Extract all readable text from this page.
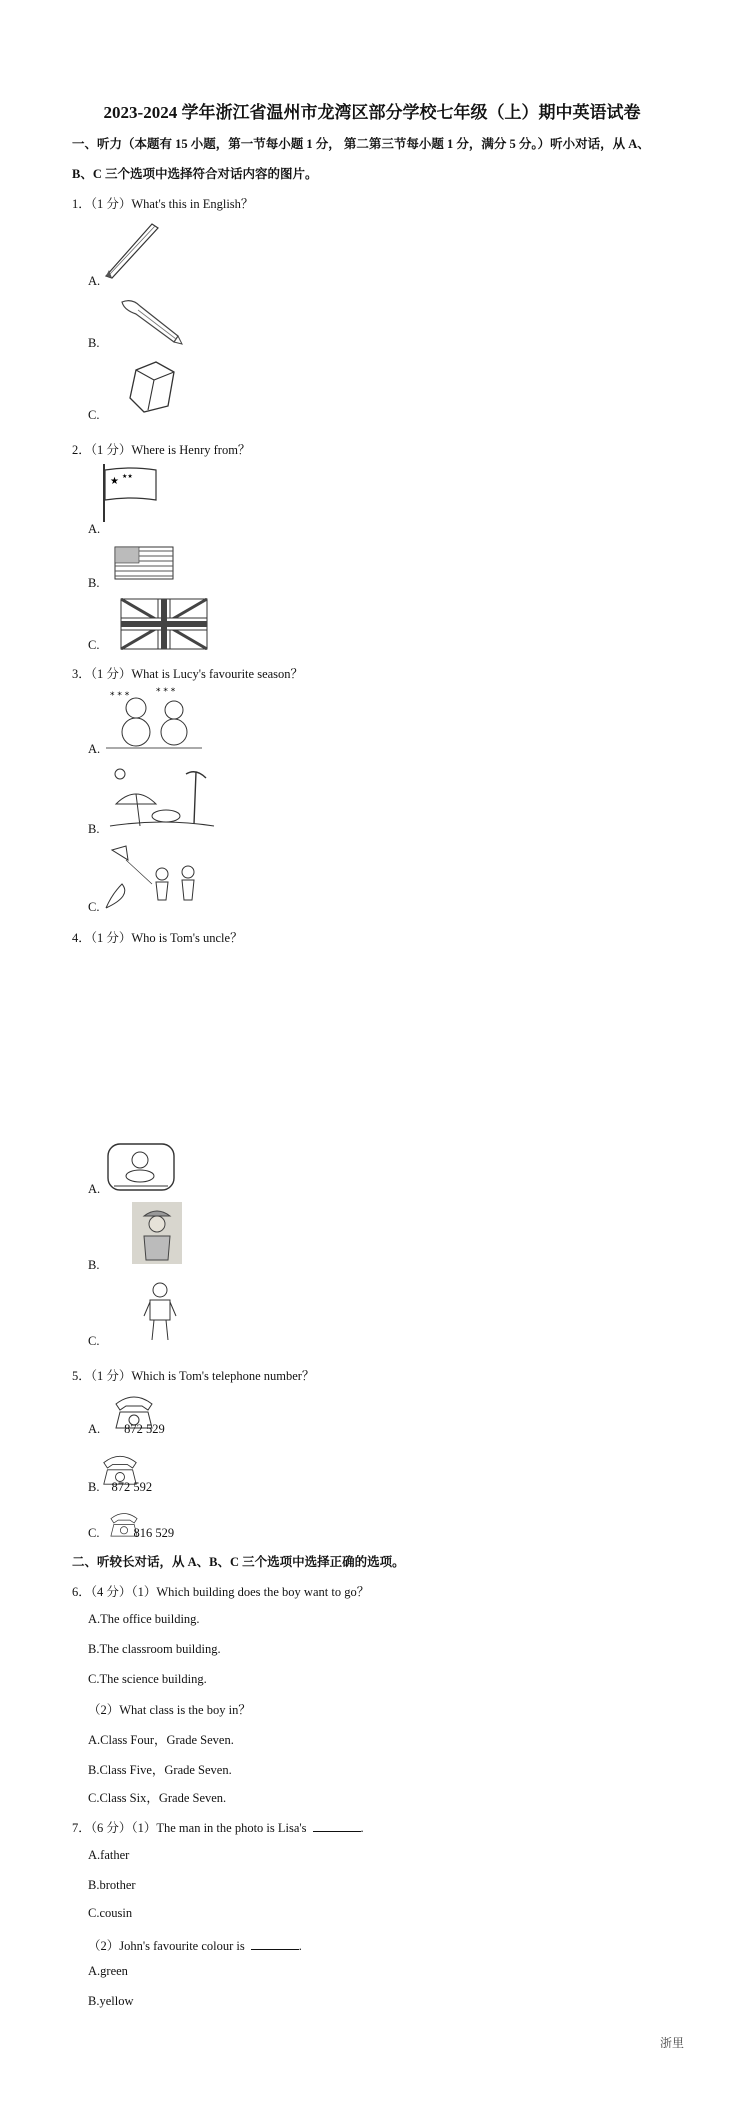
2023-2024 学年浙江省温州市龙湾区部分学校七年级（上）期中英语试卷
一、听力（本题有 15 小题，第一节每小题 1 分， 第二第三节每小题 1 分，满分 5 分。）听小对话，从 A、
B、C 三个选项中选择符合对话内容的图片。
1．（1 分）What's this in English？
A.
B.
C.
2．（1 分）Where is Henry from？
★ ★★
A.
B.
C.
3．（1 分）What is Lucy's favourite season？
* * *	* * *
A.
B.
C.
4．（1 分）Who is Tom's uncle？
A.
B.
C.
5．（1 分）Which is Tom's telephone number？
A. 872 529
B. 872 592
C.	816 529
二、听较长对话，从 A、B、C 三个选项中选择正确的选项。
6．（4 分）（1）Which building does the boy want to go？
A.The office building.
B.The classroom building.
C.The science building.
（2）What class is the boy in？
A.Class Four，Grade Seven.
B.Class Five，Grade Seven.
C.Class Six，Grade Seven.
7．（6 分）（1）The man in the photo is Lisa's	.
A.father
B.brother
C.cousin
（2）John's favourite colour is	.
A.green
B.yellow
浙里
